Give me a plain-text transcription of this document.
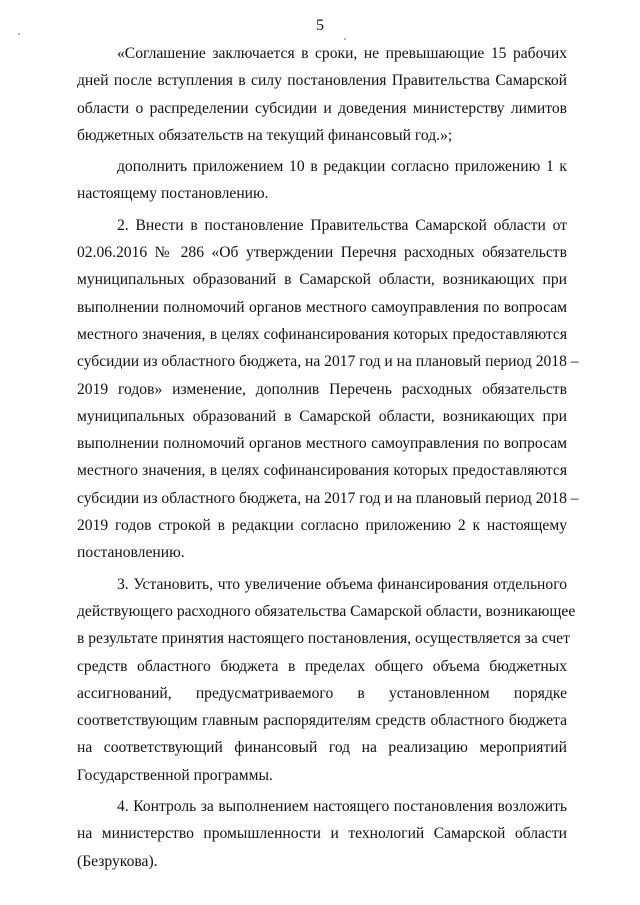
5
«Соглашение заключается в сроки, не превышающие 15 рабочих
дней после вступления в силу постановления Правительства Самарской
области о распределении субсидии и доведения министерству лимитов
бюджетных обязательств на текущий финансовый год.»;
дополнить приложением 10 в редакции согласно приложению 1 к
настоящему постановлению.
2. Внести в постановление Правительства Самарской области от
02.06.2016 № 286 «Об утверждении Перечня расходных обязательств
муниципальных образований в Самарской области, возникающих при
выполнении полномочий органов местного самоуправления по вопросам
местного значения, в целях софинансирования которых предоставляются
субсидии из областного бюджета, на 2017 год и на плановый период 2018 –
2019 годов» изменение, дополнив Перечень расходных обязательств
муниципальных образований в Самарской области, возникающих при
выполнении полномочий органов местного самоуправления по вопросам
местного значения, в целях софинансирования которых предоставляются
субсидии из областного бюджета, на 2017 год и на плановый период 2018 –
2019 годов строкой в редакции согласно приложению 2 к настоящему
постановлению.
3. Установить, что увеличение объема финансирования отдельного
действующего расходного обязательства Самарской области, возникающее
в результате принятия настоящего постановления, осуществляется за счет
средств областного бюджета в пределах общего объема бюджетных
ассигнований, предусматриваемого в установленном порядке
соответствующим главным распорядителям средств областного бюджета
на соответствующий финансовый год на реализацию мероприятий
Государственной программы.
4. Контроль за выполнением настоящего постановления возложить
на министерство промышленности и технологий Самарской области
(Безрукова).
